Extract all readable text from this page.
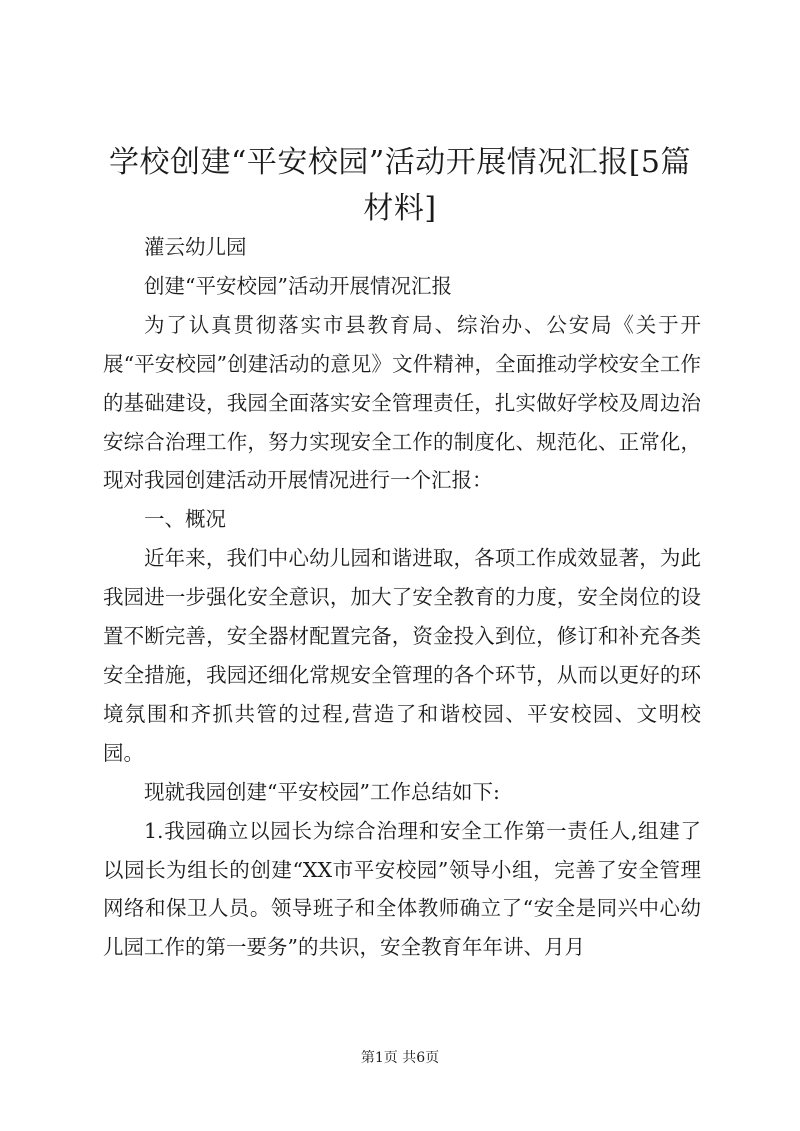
学校创建“平安校园”活动开展情况汇报[5篇材料]

灌云幼儿园

创建“平安校园”活动开展情况汇报

为了认真贯彻落实市县教育局、综治办、公安局《关于开展“平安校园”创建活动的意见》文件精神，全面推动学校安全工作的基础建设，我园全面落实安全管理责任，扎实做好学校及周边治安综合治理工作，努力实现安全工作的制度化、规范化、正常化，现对我园创建活动开展情况进行一个汇报：

一、概况

近年来，我们中心幼儿园和谐进取，各项工作成效显著，为此我园进一步强化安全意识，加大了安全教育的力度，安全岗位的设置不断完善，安全器材配置完备，资金投入到位，修订和补充各类安全措施，我园还细化常规安全管理的各个环节，从而以更好的环境氛围和齐抓共管的过程,营造了和谐校园、平安校园、文明校园。

现就我园创建“平安校园”工作总结如下:

1.我园确立以园长为综合治理和安全工作第一责任人,组建了以园长为组长的创建“XX市平安校园”领导小组，完善了安全管理网络和保卫人员。领导班子和全体教师确立了“安全是同兴中心幼儿园工作的第一要务”的共识，安全教育年年讲、月月

第1页 共6页
